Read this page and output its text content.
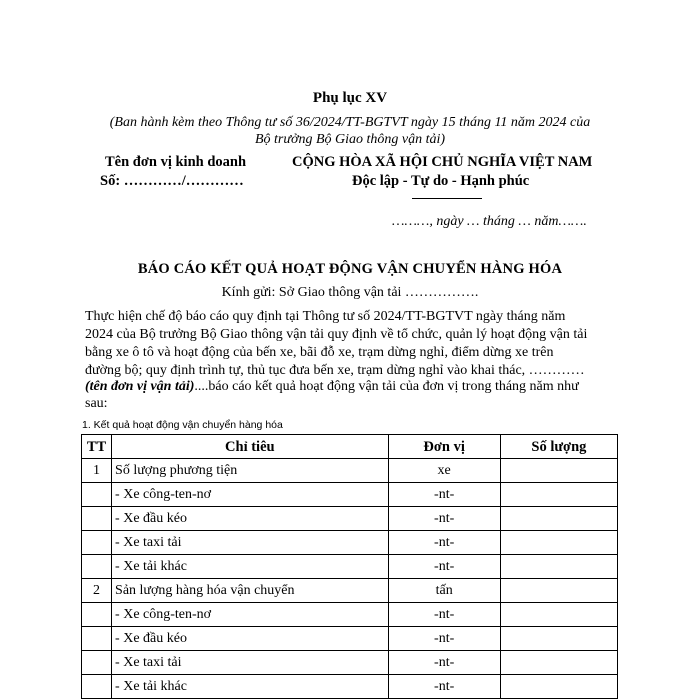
Phụ lục XV
(Ban hành kèm theo Thông tư số 36/2024/TT-BGTVT ngày 15 tháng 11 năm 2024 của
Bộ trưởng Bộ Giao thông vận tải)
Tên đơn vị kinh doanh
Số: …………/…………
CỘNG HÒA XÃ HỘI CHỦ NGHĨA VIỆT NAM
Độc lập - Tự do - Hạnh phúc
………, ngày … tháng … năm…….
BÁO CÁO KẾT QUẢ HOẠT ĐỘNG VẬN CHUYỂN HÀNG HÓA
Kính gửi: Sở Giao thông vận tải …………….
Thực hiện chế độ báo cáo quy định tại Thông tư số 2024/TT-BGTVT ngày tháng năm
2024 của Bộ trưởng Bộ Giao thông vận tải quy định về tổ chức, quản lý hoạt động vận tải
bằng xe ô tô và hoạt động của bến xe, bãi đỗ xe, trạm dừng nghỉ, điểm dừng xe trên
đường bộ; quy định trình tự, thủ tục đưa bến xe, trạm dừng nghỉ vào khai thác, …………
(tên đơn vị vận tải)....báo cáo kết quả hoạt động vận tải của đơn vị trong tháng năm như
sau:
1. Kết quả hoạt động vận chuyển hàng hóa
TT	Chỉ tiêu	Đơn vị	Số lượng
1	Số lượng phương tiện	xe	
	- Xe công-ten-nơ	-nt-	
	- Xe đầu kéo	-nt-	
	- Xe taxi tải	-nt-	
	- Xe tải khác	-nt-	
2	Sản lượng hàng hóa vận chuyển	tấn	
	- Xe công-ten-nơ	-nt-	
	- Xe đầu kéo	-nt-	
	- Xe taxi tải	-nt-	
	- Xe tải khác	-nt-	
